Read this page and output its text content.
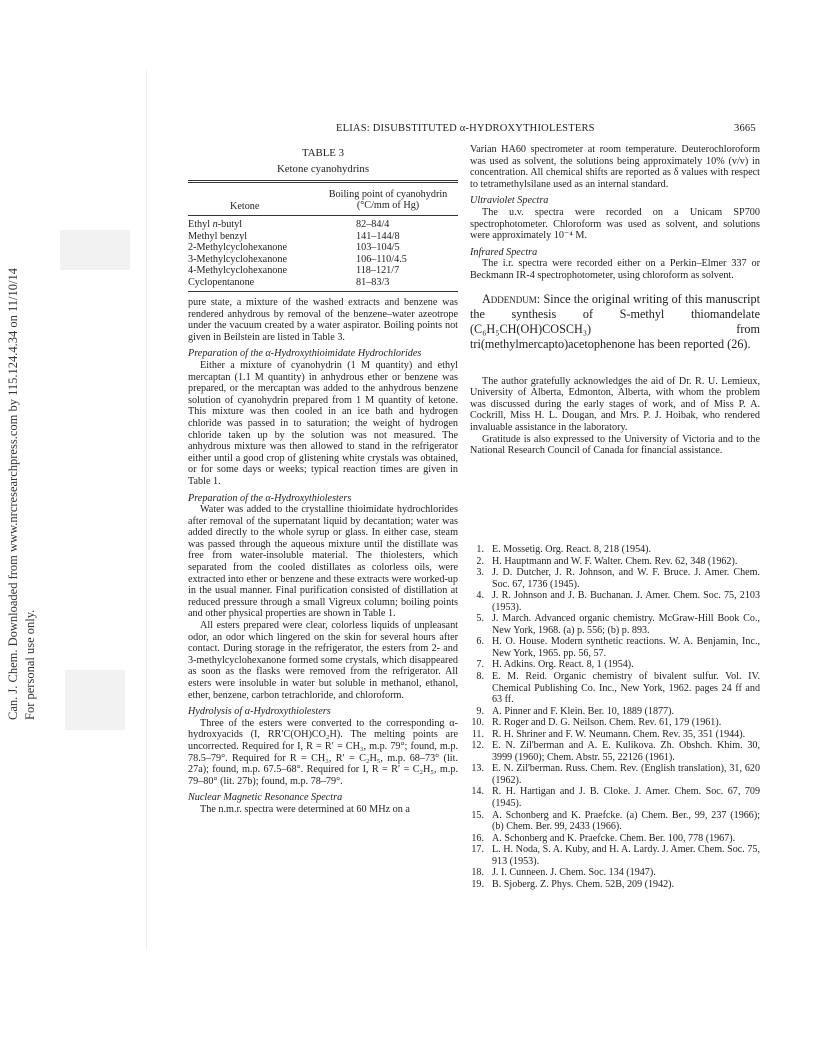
Can. J. Chem. Downloaded from www.nrcresearchpress.com by 115.124.4.34 on 11/10/14 For personal use only.
ELIAS: DISUBSTITUTED α-HYDROXYTHIOLESTERS	3665
TABLE 3
Ketone cyanohydrins
Ketone
Boiling point of cyanohydrin
(°C/mm of Hg)
Ethyl n-butyl	82–84/4
Methyl benzyl	141–144/8
2-Methylcyclohexanone	103–104/5
3-Methylcyclohexanone	106–110/4.5
4-Methylcyclohexanone	118–121/7
Cyclopentanone	81–83/3

pure state, a mixture of the washed extracts and benzene was rendered anhydrous by removal of the benzene–water azeotrope under the vacuum created by a water aspirator. Boiling points not given in Beilstein are listed in Table 3.

Preparation of the α-Hydroxythioimidate Hydrochlorides

Either a mixture of cyanohydrin (1 M quantity) and ethyl mercaptan (1.1 M quantity) in anhydrous ether or benzene was prepared, or the mercaptan was added to the anhydrous benzene solution of cyanohydrin prepared from 1 M quantity of ketone. This mixture was then cooled in an ice bath and hydrogen chloride was passed in to saturation; the weight of hydrogen chloride taken up by the solution was not measured. The anhydrous mixture was then allowed to stand in the refrigerator either until a good crop of glistening white crystals was obtained, or for some days or weeks; typical reaction times are given in Table 1.

Preparation of the α-Hydroxythiolesters

Water was added to the crystalline thioimidate hydrochlorides after removal of the supernatant liquid by decantation; water was added directly to the whole syrup or glass. In either case, steam was passed through the aqueous mixture until the distillate was free from water-insoluble material. The thiolesters, which separated from the cooled distillates as colorless oils, were extracted into ether or benzene and these extracts were worked-up in the usual manner. Final purification consisted of distillation at reduced pressure through a small Vigreux column; boiling points and other physical properties are shown in Table 1.

All esters prepared were clear, colorless liquids of unpleasant odor, an odor which lingered on the skin for several hours after contact. During storage in the refrigerator, the esters from 2- and 3-methylcyclohexanone formed some crystals, which disappeared as soon as the flasks were removed from the refrigerator. All esters were insoluble in water but soluble in methanol, ethanol, ether, benzene, carbon tetrachloride, and chloroform.

Hydrolysis of α-Hydroxythiolesters

Three of the esters were converted to the corresponding α-hydroxyacids (I, RR′C(OH)CO₂H). The melting points are uncorrected. Required for I, R = R′ = CH₃, m.p. 79°; found, m.p. 78.5–79°. Required for R = CH₃, R′ = C₂H₅, m.p. 68–73° (lit. 27a); found, m.p. 67.5–68°. Required for I, R = R′ = C₂H₅, m.p. 79–80° (lit. 27b); found, m.p. 78–79°.

Nuclear Magnetic Resonance Spectra

The n.m.r. spectra were determined at 60 MHz on a

Varian HA60 spectrometer at room temperature. Deuterochloroform was used as solvent, the solutions being approximately 10% (v/v) in concentration. All chemical shifts are reported as δ values with respect to tetramethylsilane used as an internal standard.

Ultraviolet Spectra

The u.v. spectra were recorded on a Unicam SP700 spectrophotometer. Chloroform was used as solvent, and solutions were approximately 10⁻⁴ M.

Infrared Spectra

The i.r. spectra were recorded either on a Perkin–Elmer 337 or Beckmann IR-4 spectrophotometer, using chloroform as solvent.

Addendum: Since the original writing of this manuscript the synthesis of S-methyl thiomandelate (C₆H₅CH(OH)COSCH₃) from tri(methylmercapto)acetophenone has been reported (26).

The author gratefully acknowledges the aid of Dr. R. U. Lemieux, University of Alberta, Edmonton, Alberta, with whom the problem was discussed during the early stages of work, and of Miss P. A. Cockrill, Miss H. L. Dougan, and Mrs. P. J. Hoibak, who rendered invaluable assistance in the laboratory.

Gratitude is also expressed to the University of Victoria and to the National Research Council of Canada for financial assistance.

1. E. Mossetig. Org. React. 8, 218 (1954).
2. H. Hauptmann and W. F. Walter. Chem. Rev. 62, 348 (1962).
3. J. D. Dutcher, J. R. Johnson, and W. F. Bruce. J. Amer. Chem. Soc. 67, 1736 (1945).
4. J. R. Johnson and J. B. Buchanan. J. Amer. Chem. Soc. 75, 2103 (1953).
5. J. March. Advanced organic chemistry. McGraw-Hill Book Co., New York, 1968. (a) p. 556; (b) p. 893.
6. H. O. House. Modern synthetic reactions. W. A. Benjamin, Inc., New York, 1965. pp. 56, 57.
7. H. Adkins. Org. React. 8, 1 (1954).
8. E. M. Reid. Organic chemistry of bivalent sulfur. Vol. IV. Chemical Publishing Co. Inc., New York, 1962. pages 24 ff and 63 ff.
9. A. Pinner and F. Klein. Ber. 10, 1889 (1877).
10. R. Roger and D. G. Neilson. Chem. Rev. 61, 179 (1961).
11. R. H. Shriner and F. W. Neumann. Chem. Rev. 35, 351 (1944).
12. E. N. Zil'berman and A. E. Kulikova. Zh. Obshch. Khim. 30, 3999 (1960); Chem. Abstr. 55, 22126 (1961).
13. E. N. Zil'berman. Russ. Chem. Rev. (English translation), 31, 620 (1962).
14. R. H. Hartigan and J. B. Cloke. J. Amer. Chem. Soc. 67, 709 (1945).
15. A. Schonberg and K. Praefcke. (a) Chem. Ber., 99, 237 (1966); (b) Chem. Ber. 99, 2433 (1966).
16. A. Schonberg and K. Praefcke. Chem. Ber. 100, 778 (1967).
17. L. H. Noda, S. A. Kuby, and H. A. Lardy. J. Amer. Chem. Soc. 75, 913 (1953).
18. J. I. Cunneen. J. Chem. Soc. 134 (1947).
19. B. Sjoberg. Z. Phys. Chem. 52B, 209 (1942).
